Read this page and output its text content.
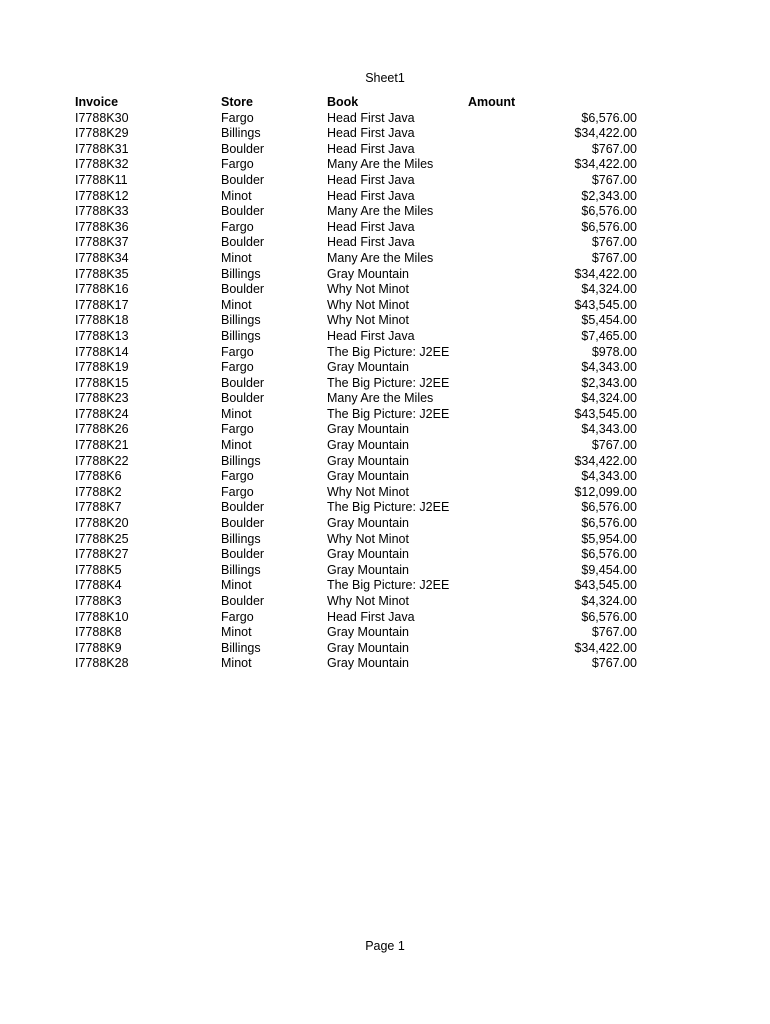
Sheet1
Invoice	Store	Book	Amount
I7788K30	Fargo	Head First Java	$6,576.00
I7788K29	Billings	Head First Java	$34,422.00
I7788K31	Boulder	Head First Java	$767.00
I7788K32	Fargo	Many Are the Miles	$34,422.00
I7788K11	Boulder	Head First Java	$767.00
I7788K12	Minot	Head First Java	$2,343.00
I7788K33	Boulder	Many Are the Miles	$6,576.00
I7788K36	Fargo	Head First Java	$6,576.00
I7788K37	Boulder	Head First Java	$767.00
I7788K34	Minot	Many Are the Miles	$767.00
I7788K35	Billings	Gray Mountain	$34,422.00
I7788K16	Boulder	Why Not Minot	$4,324.00
I7788K17	Minot	Why Not Minot	$43,545.00
I7788K18	Billings	Why Not Minot	$5,454.00
I7788K13	Billings	Head First Java	$7,465.00
I7788K14	Fargo	The Big Picture: J2EE	$978.00
I7788K19	Fargo	Gray Mountain	$4,343.00
I7788K15	Boulder	The Big Picture: J2EE	$2,343.00
I7788K23	Boulder	Many Are the Miles	$4,324.00
I7788K24	Minot	The Big Picture: J2EE	$43,545.00
I7788K26	Fargo	Gray Mountain	$4,343.00
I7788K21	Minot	Gray Mountain	$767.00
I7788K22	Billings	Gray Mountain	$34,422.00
I7788K6	Fargo	Gray Mountain	$4,343.00
I7788K2	Fargo	Why Not Minot	$12,099.00
I7788K7	Boulder	The Big Picture: J2EE	$6,576.00
I7788K20	Boulder	Gray Mountain	$6,576.00
I7788K25	Billings	Why Not Minot	$5,954.00
I7788K27	Boulder	Gray Mountain	$6,576.00
I7788K5	Billings	Gray Mountain	$9,454.00
I7788K4	Minot	The Big Picture: J2EE	$43,545.00
I7788K3	Boulder	Why Not Minot	$4,324.00
I7788K10	Fargo	Head First Java	$6,576.00
I7788K8	Minot	Gray Mountain	$767.00
I7788K9	Billings	Gray Mountain	$34,422.00
I7788K28	Minot	Gray Mountain	$767.00
Page 1
